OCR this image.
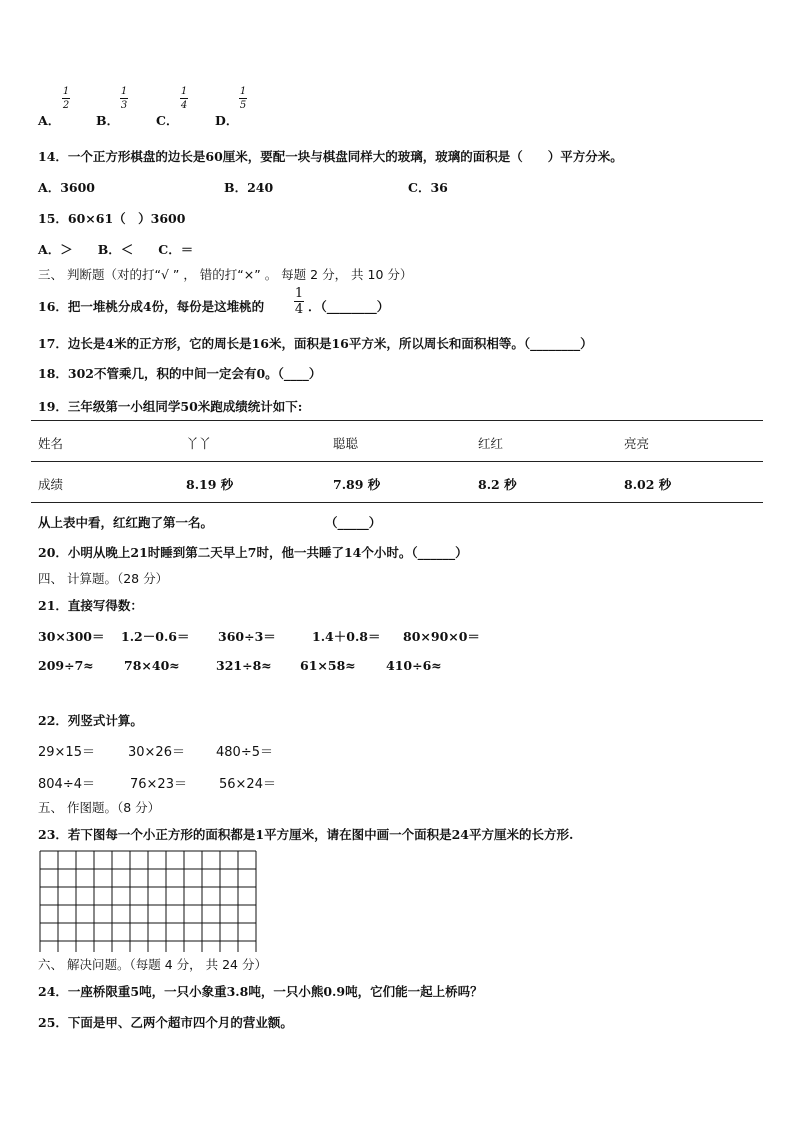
A．
1
2
B．
1
3
C．
1
4
D．
1
5
14．一个正方形棋盘的边长是60厘米，要配一块与棋盘同样大的玻璃，玻璃的面积是（　　）平方分米。
A．3600	B．240	C．36
15．60×61（　）3600
A．＞　　B．＜　　C．＝
三、 判断题（对的打“√ ” ， 错的打“×” 。 每题 2 分， 共 10 分）
16．把一堆桃分成4份，每份是这堆桃的
1
4 ．（________）
17．边长是4米的正方形，它的周长是16米，面积是16平方米，所以周长和面积相等。（________）
18．302不管乘几，积的中间一定会有0。（____）
19．三年级第一小组同学50米跑成绩统计如下:
姓名	丫丫	聪聪	红红	亮亮
成绩	8.19 秒	7.89 秒	8.2 秒	8.02 秒
从上表中看，红红跑了第一名。	（_____）
20．小明从晚上21时睡到第二天早上7时，他一共睡了14个小时。（______）
四、 计算题。（28 分）
21．直接写得数：
30×300＝ 1.2－0.6＝ 360÷3＝	1.4＋0.8＝ 80×90×0＝
209÷7≈ 78×40≈	321÷8≈ 61×58≈ 410÷6≈
22．列竖式计算。
29×15＝	30×26＝ 480÷5＝
804÷4＝	76×23＝ 56×24＝
五、 作图题。（8 分）
23．若下图每一个小正方形的面积都是1平方厘米，请在图中画一个面积是24平方厘米的长方形.
六、 解决问题。（每题 4 分， 共 24 分）
24．一座桥限重5吨，一只小象重3.8吨，一只小熊0.9吨，它们能一起上桥吗？
25．下面是甲、乙两个超市四个月的营业额。
